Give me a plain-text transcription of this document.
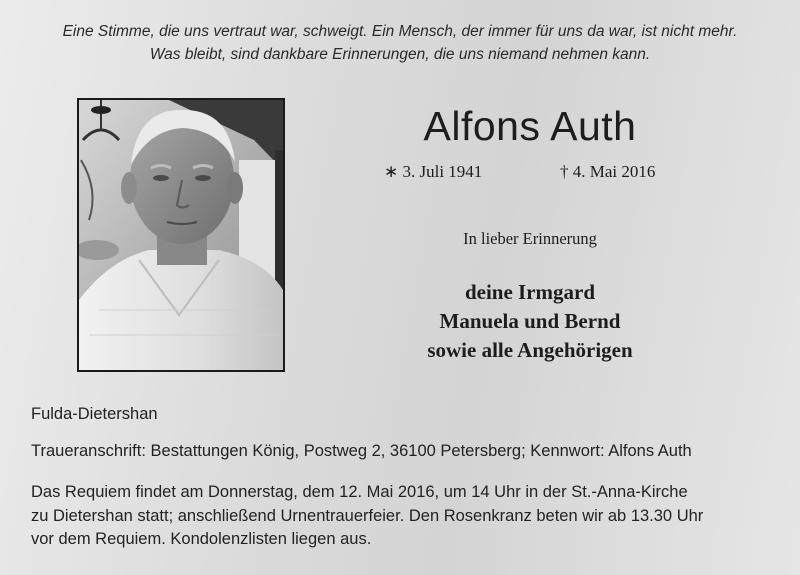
Eine Stimme, die uns vertraut war, schweigt. Ein Mensch, der immer für uns da war, ist nicht mehr.
Was bleibt, sind dankbare Erinnerungen, die uns niemand nehmen kann.
Alfons Auth
∗ 3. Juli 1941	† 4. Mai 2016
In lieber Erinnerung
deine Irmgard
Manuela und Bernd
sowie alle Angehörigen
Fulda-Dietershan
Traueranschrift: Bestattungen König, Postweg 2, 36100 Petersberg; Kennwort: Alfons Auth
Das Requiem findet am Donnerstag, dem 12. Mai 2016, um 14 Uhr in der St.-Anna-Kirche
zu Dietershan statt; anschließend Urnentrauerfeier. Den Rosenkranz beten wir ab 13.30 Uhr
vor dem Requiem. Kondolenzlisten liegen aus.
